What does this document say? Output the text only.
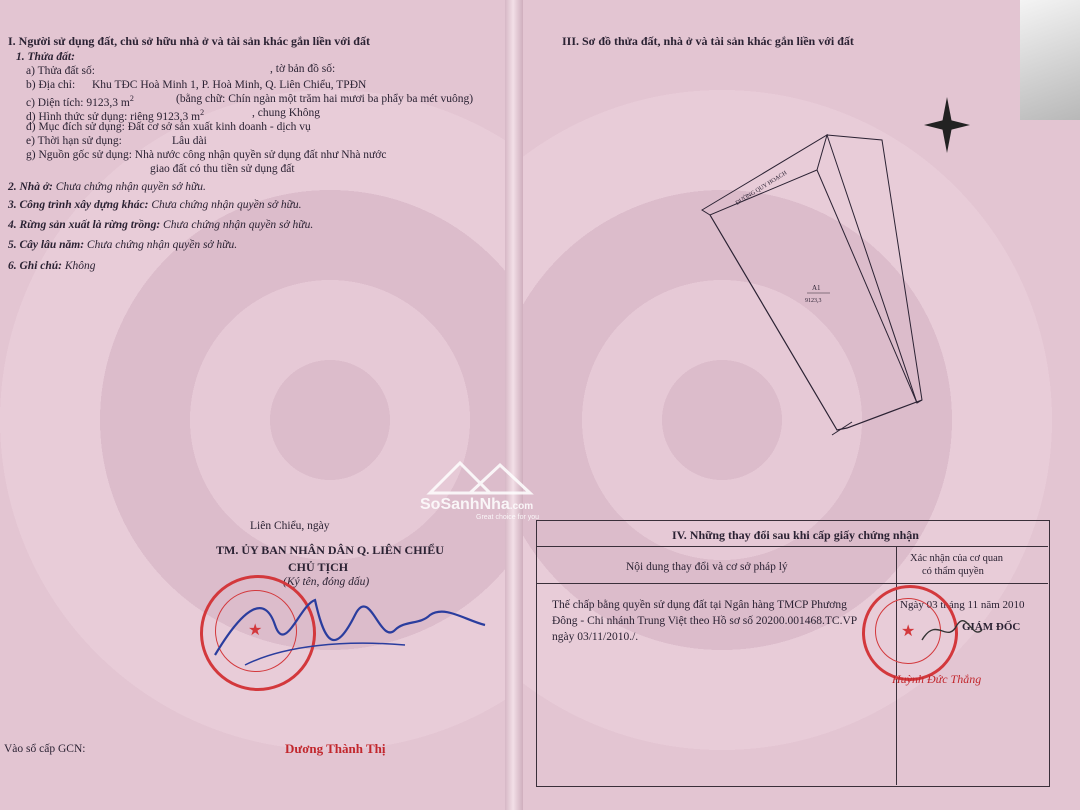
I. Người sử dụng đất, chủ sở hữu nhà ở và tài sản khác gắn liền với đất
1. Thửa đất:
a) Thửa đất số:	, tờ bản đồ số:
b) Địa chỉ: Khu TĐC Hoà Minh 1, P. Hoà Minh, Q. Liên Chiểu, TPĐN
c) Diện tích: 9123,3 $m^2$	(bằng chữ: Chín ngàn một trăm hai mươi ba phẩy ba mét vuông)
d) Hình thức sử dụng: riêng 9123,3 $m^2$	, chung Không
đ) Mục đích sử dụng: Đất cơ sở sản xuất kinh doanh - dịch vụ
e) Thời hạn sử dụng:	Lâu dài
g) Nguồn gốc sử dụng: Nhà nước công nhận quyền sử dụng đất như Nhà nước
giao đất có thu tiền sử dụng đất
2. Nhà ở: Chưa chứng nhận quyền sở hữu.
3. Công trình xây dựng khác: Chưa chứng nhận quyền sở hữu.
4. Rừng sản xuất là rừng trồng: Chưa chứng nhận quyền sở hữu.
5. Cây lâu năm: Chưa chứng nhận quyền sở hữu.
6. Ghi chú: Không
Liên Chiểu, ngày
TM. ỦY BAN NHÂN DÂN Q. LIÊN CHIỂU
CHỦ TỊCH
(Ký tên, đóng dấu)
★
Dương Thành Thị
Vào sổ cấp GCN:
III. Sơ đồ thửa đất, nhà ở và tài sản khác gắn liền với đất
ĐƯỜNG QUY HOẠCH
A1
9123,3
IV. Những thay đổi sau khi cấp giấy chứng nhận
Nội dung thay đổi và cơ sở pháp lý
Xác nhận của cơ quan
có thẩm quyền
Thế chấp bằng quyền sử dụng đất tại Ngân hàng TMCP Phương
Đông - Chi nhánh Trung Việt theo Hồ sơ số 20200.001468.TC.VP
ngày 03/11/2010./.
Ngày 03 tháng 11 năm 2010
★	GIÁM ĐỐC
Huỳnh Đức Thắng
SoSanhNha.com
Great choice for you
